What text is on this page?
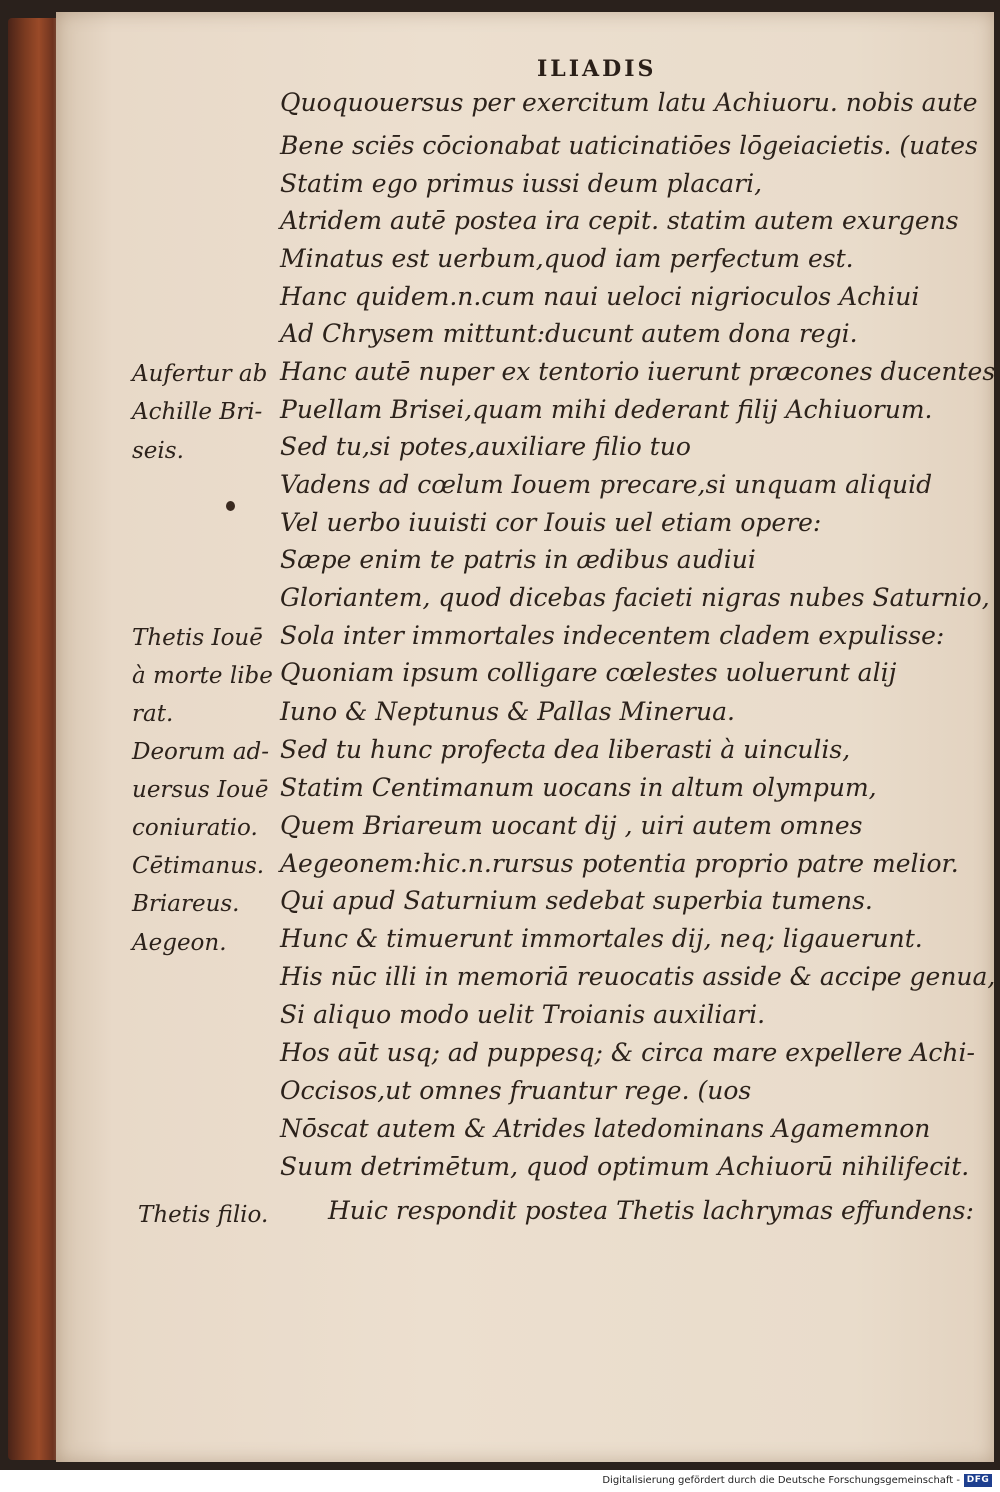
ILIADIS
Quoquouersus per exercitum latu Achiuoru. nobis aute
Bene sciēs cōcionabat uaticinatiōes lōgeiacietis. (uates
Statim ego primus iussi deum placari,
Atridem autē postea ira cepit. statim autem exurgens
Minatus est uerbum,quod iam perfectum est.
Hanc quidem.n.cum naui ueloci nigrioculos Achiui
Ad Chrysem mittunt:ducunt autem dona regi.
Hanc autē nuper ex tentorio iuerunt præcones ducentes
Puellam Brisei,quam mihi dederant filij Achiuorum.
Sed tu,si potes,auxiliare filio tuo
Vadens ad cœlum Iouem precare,si unquam aliquid
Vel uerbo iuuisti cor Iouis uel etiam opere:
Sæpe enim te patris in ædibus audiui
Gloriantem, quod dicebas facieti nigras nubes Saturnio,
Sola inter immortales indecentem cladem expulisse:
Quoniam ipsum colligare cœlestes uoluerunt alij
Iuno & Neptunus & Pallas Minerua.
Sed tu hunc profecta dea liberasti à uinculis,
Statim Centimanum uocans in altum olympum,
Quem Briareum uocant dij , uiri autem omnes
Aegeonem:hic.n.rursus potentia proprio patre melior.
Qui apud Saturnium sedebat superbia tumens.
Hunc & timuerunt immortales dij, neq; ligauerunt.
His nūc illi in memoriā reuocatis asside & accipe genua,
Si aliquo modo uelit Troianis auxiliari.
Hos aūt usq; ad puppesq; & circa mare expellere Achi-
Occisos,ut omnes fruantur rege. (uos
Nōscat autem & Atrides latedominans Agamemnon
Suum detrimētum, quod optimum Achiuorū nihilifecit.
Huic respondit postea Thetis lachrymas effundens:
Aufertur ab
Achille Bri-
seis.
Thetis Iouē
à morte libe
rat.
Deorum ad-
uersus Iouē
coniuratio.
Cētimanus.
Briareus.
Aegeon.
Thetis filio.
Digitalisierung gefördert durch die Deutsche Forschungsgemeinschaft - DFG
